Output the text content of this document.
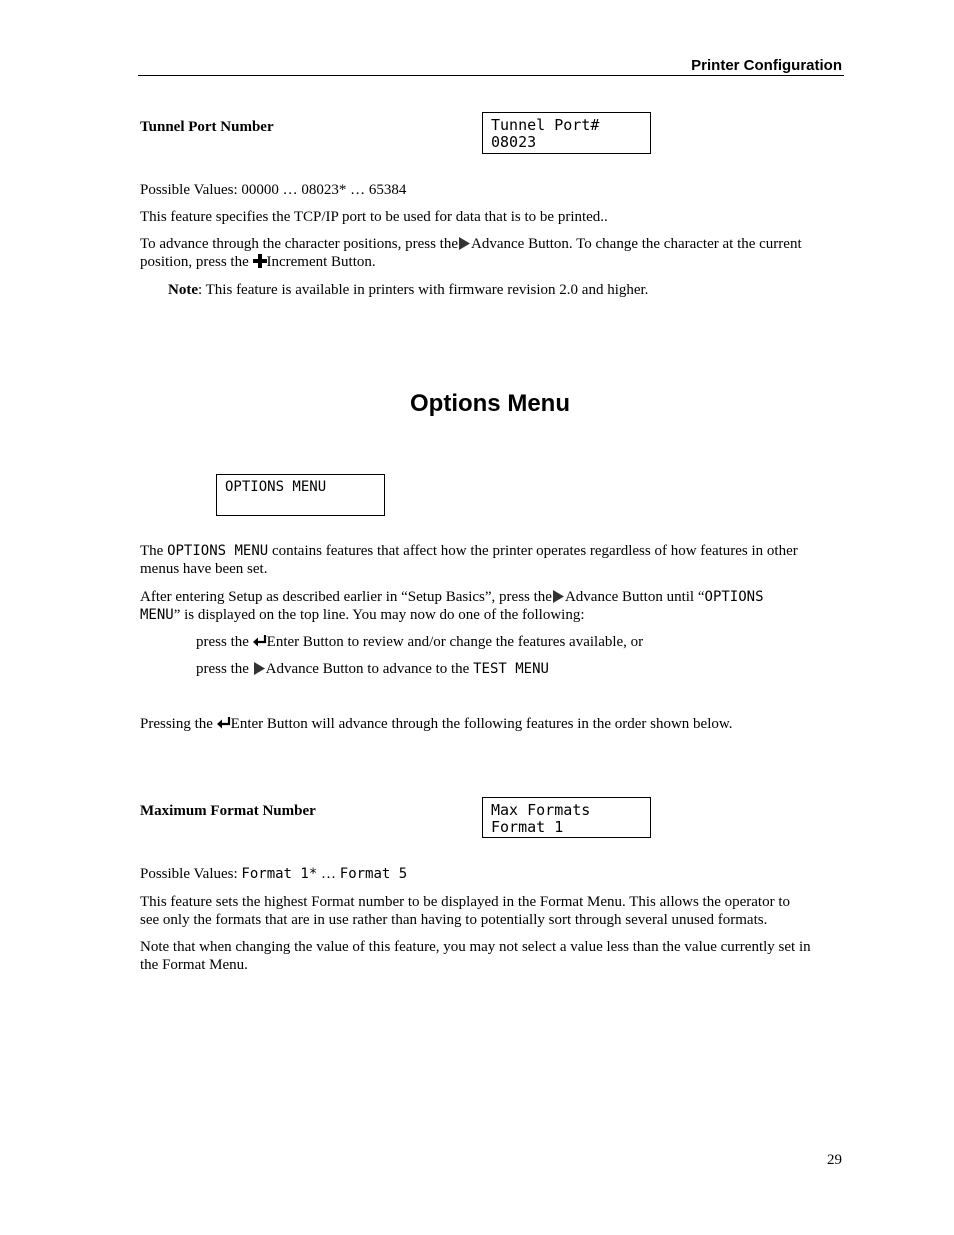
Printer Configuration
Tunnel Port Number	Tunnel Port#
08023

Possible Values: 00000 … 08023* … 65384

This feature specifies the TCP/IP port to be used for data that is to be printed..

To advance through the character positions, press the Advance Button. To change the character at the current
position, press the Increment Button.

Note: This feature is available in printers with firmware revision 2.0 and higher.

Options Menu
OPTIONS MENU

The OPTIONS MENU contains features that affect how the printer operates regardless of how features in other
menus have been set.

After entering Setup as described earlier in “Setup Basics”, press the Advance Button until “OPTIONS
MENU” is displayed on the top line. You may now do one of the following:

press the Enter Button to review and/or change the features available, or

press the Advance Button to advance to the TEST MENU

Pressing the Enter Button will advance through the following features in the order shown below.

Maximum Format Number	Max Formats
Format 1

Possible Values: Format 1* … Format 5

This feature sets the highest Format number to be displayed in the Format Menu. This allows the operator to
see only the formats that are in use rather than having to potentially sort through several unused formats.

Note that when changing the value of this feature, you may not select a value less than the value currently set in
the Format Menu.

29
